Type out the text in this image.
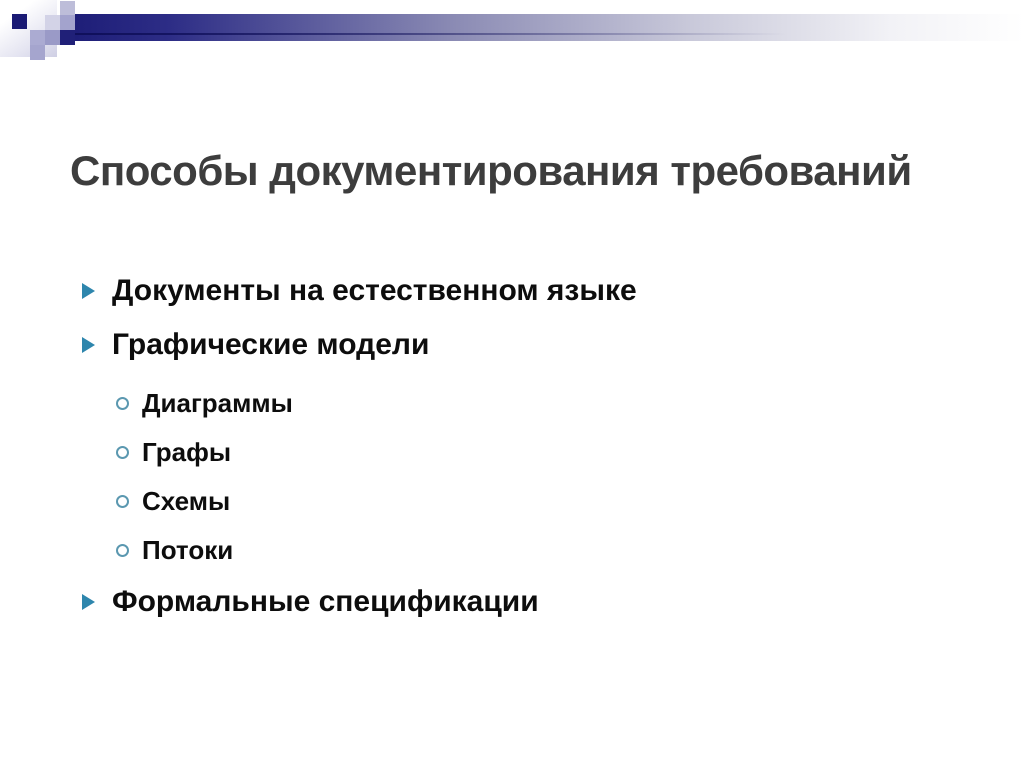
Способы документирования требований
Документы на естественном языке
Графические модели
Диаграммы
Графы
Схемы
Потоки
Формальные спецификации
